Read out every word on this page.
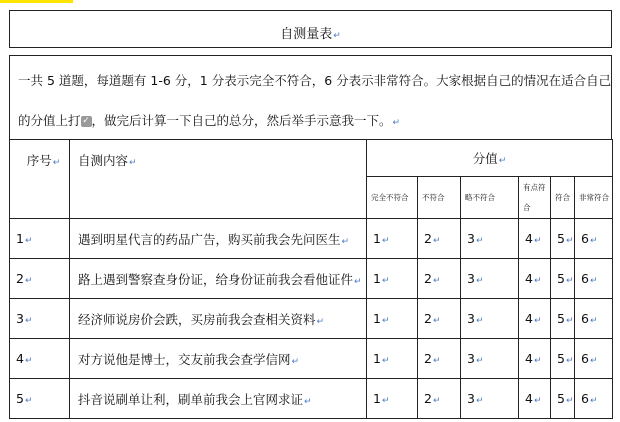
自测量表↵
一共 5 道题，每道题有 1-6 分，1 分表示完全不符合，6 分表示非常符合。大家根据自己的情况在适合自己
的分值上打 ✓ ，做完后计算一下自己的总分，然后举手示意我一下。↵
序号↵	自测内容↵	分值↵					
		完全不符合	不符合	略不符合	有点符合	符合	非常符合
1↵	遇到明星代言的药品广告，购买前我会先问医生↵	1↵	2↵	3↵	4↵	5↵	6↵
2↵	路上遇到警察查身份证，给身份证前我会看他证件↵	1↵	2↵	3↵	4↵	5↵	6↵
3↵	经济师说房价会跌，买房前我会查相关资料↵	1↵	2↵	3↵	4↵	5↵	6↵
4↵	对方说他是博士，交友前我会查学信网↵	1↵	2↵	3↵	4↵	5↵	6↵
5↵	抖音说刷单让利，刷单前我会上官网求证↵	1↵	2↵	3↵	4↵	5↵	6↵
